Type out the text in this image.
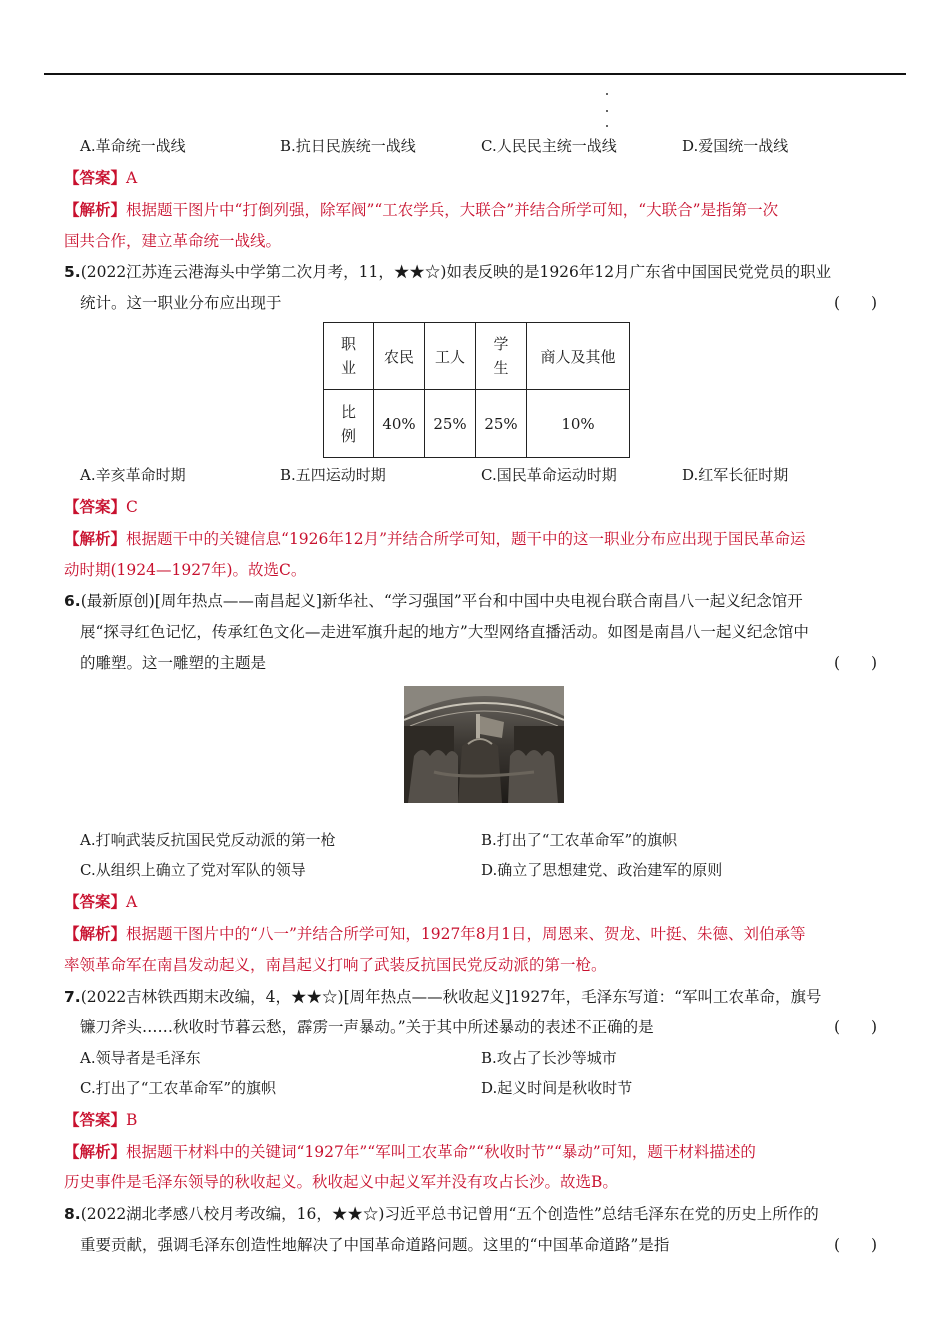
A.革命统一战线	B.抗日民族统一战线	C.人民民主统一战线	D.爱国统一战线
【答案】A
【解析】根据题干图片中“打倒列强，除军阀”“工农学兵，大联合”并结合所学可知，“大联合”是指第一次
国共合作，建立革命统一战线。
5.(2022江苏连云港海头中学第二次月考，11，★★☆)如表反映的是1926年12月广东省中国国民党党员的职业
统计。这一职业分布应出现于	(　　)
职业	农民	工人	学生	商人及其他
比例	40%	25%	25%	10%
A.辛亥革命时期	B.五四运动时期	C.国民革命运动时期	D.红军长征时期
【答案】C
【解析】根据题干中的关键信息“1926年12月”并结合所学可知，题干中的这一职业分布应出现于国民革命运
动时期(1924—1927年)。故选C。
6.(最新原创)[周年热点——南昌起义]新华社、“学习强国”平台和中国中央电视台联合南昌八一起义纪念馆开
展“探寻红色记忆，传承红色文化—走进军旗升起的地方”大型网络直播活动。如图是南昌八一起义纪念馆中
的雕塑。这一雕塑的主题是	(　　)
A.打响武装反抗国民党反动派的第一枪	B.打出了“工农革命军”的旗帜
C.从组织上确立了党对军队的领导	D.确立了思想建党、政治建军的原则
【答案】A
【解析】根据题干图片中的“八一”并结合所学可知，1927年8月1日，周恩来、贺龙、叶挺、朱德、刘伯承等
率领革命军在南昌发动起义，南昌起义打响了武装反抗国民党反动派的第一枪。
7.(2022吉林铁西期末改编，4，★★☆)[周年热点——秋收起义]1927年，毛泽东写道：“军叫工农革命，旗号
镰刀斧头……秋收时节暮云愁，霹雳一声暴动。”关于其中所述暴动的表述不正确的是	(　　)
A.领导者是毛泽东	B.攻占了长沙等城市
C.打出了“工农革命军”的旗帜	D.起义时间是秋收时节
【答案】B
【解析】根据题干材料中的关键词“1927年”“军叫工农革命”“秋收时节”“暴动”可知，题干材料描述的
历史事件是毛泽东领导的秋收起义。秋收起义中起义军并没有攻占长沙。故选B。
8.(2022湖北孝感八校月考改编，16，★★☆)习近平总书记曾用“五个创造性”总结毛泽东在党的历史上所作的
重要贡献，强调毛泽东创造性地解决了中国革命道路问题。这里的“中国革命道路”是指	(　　)
